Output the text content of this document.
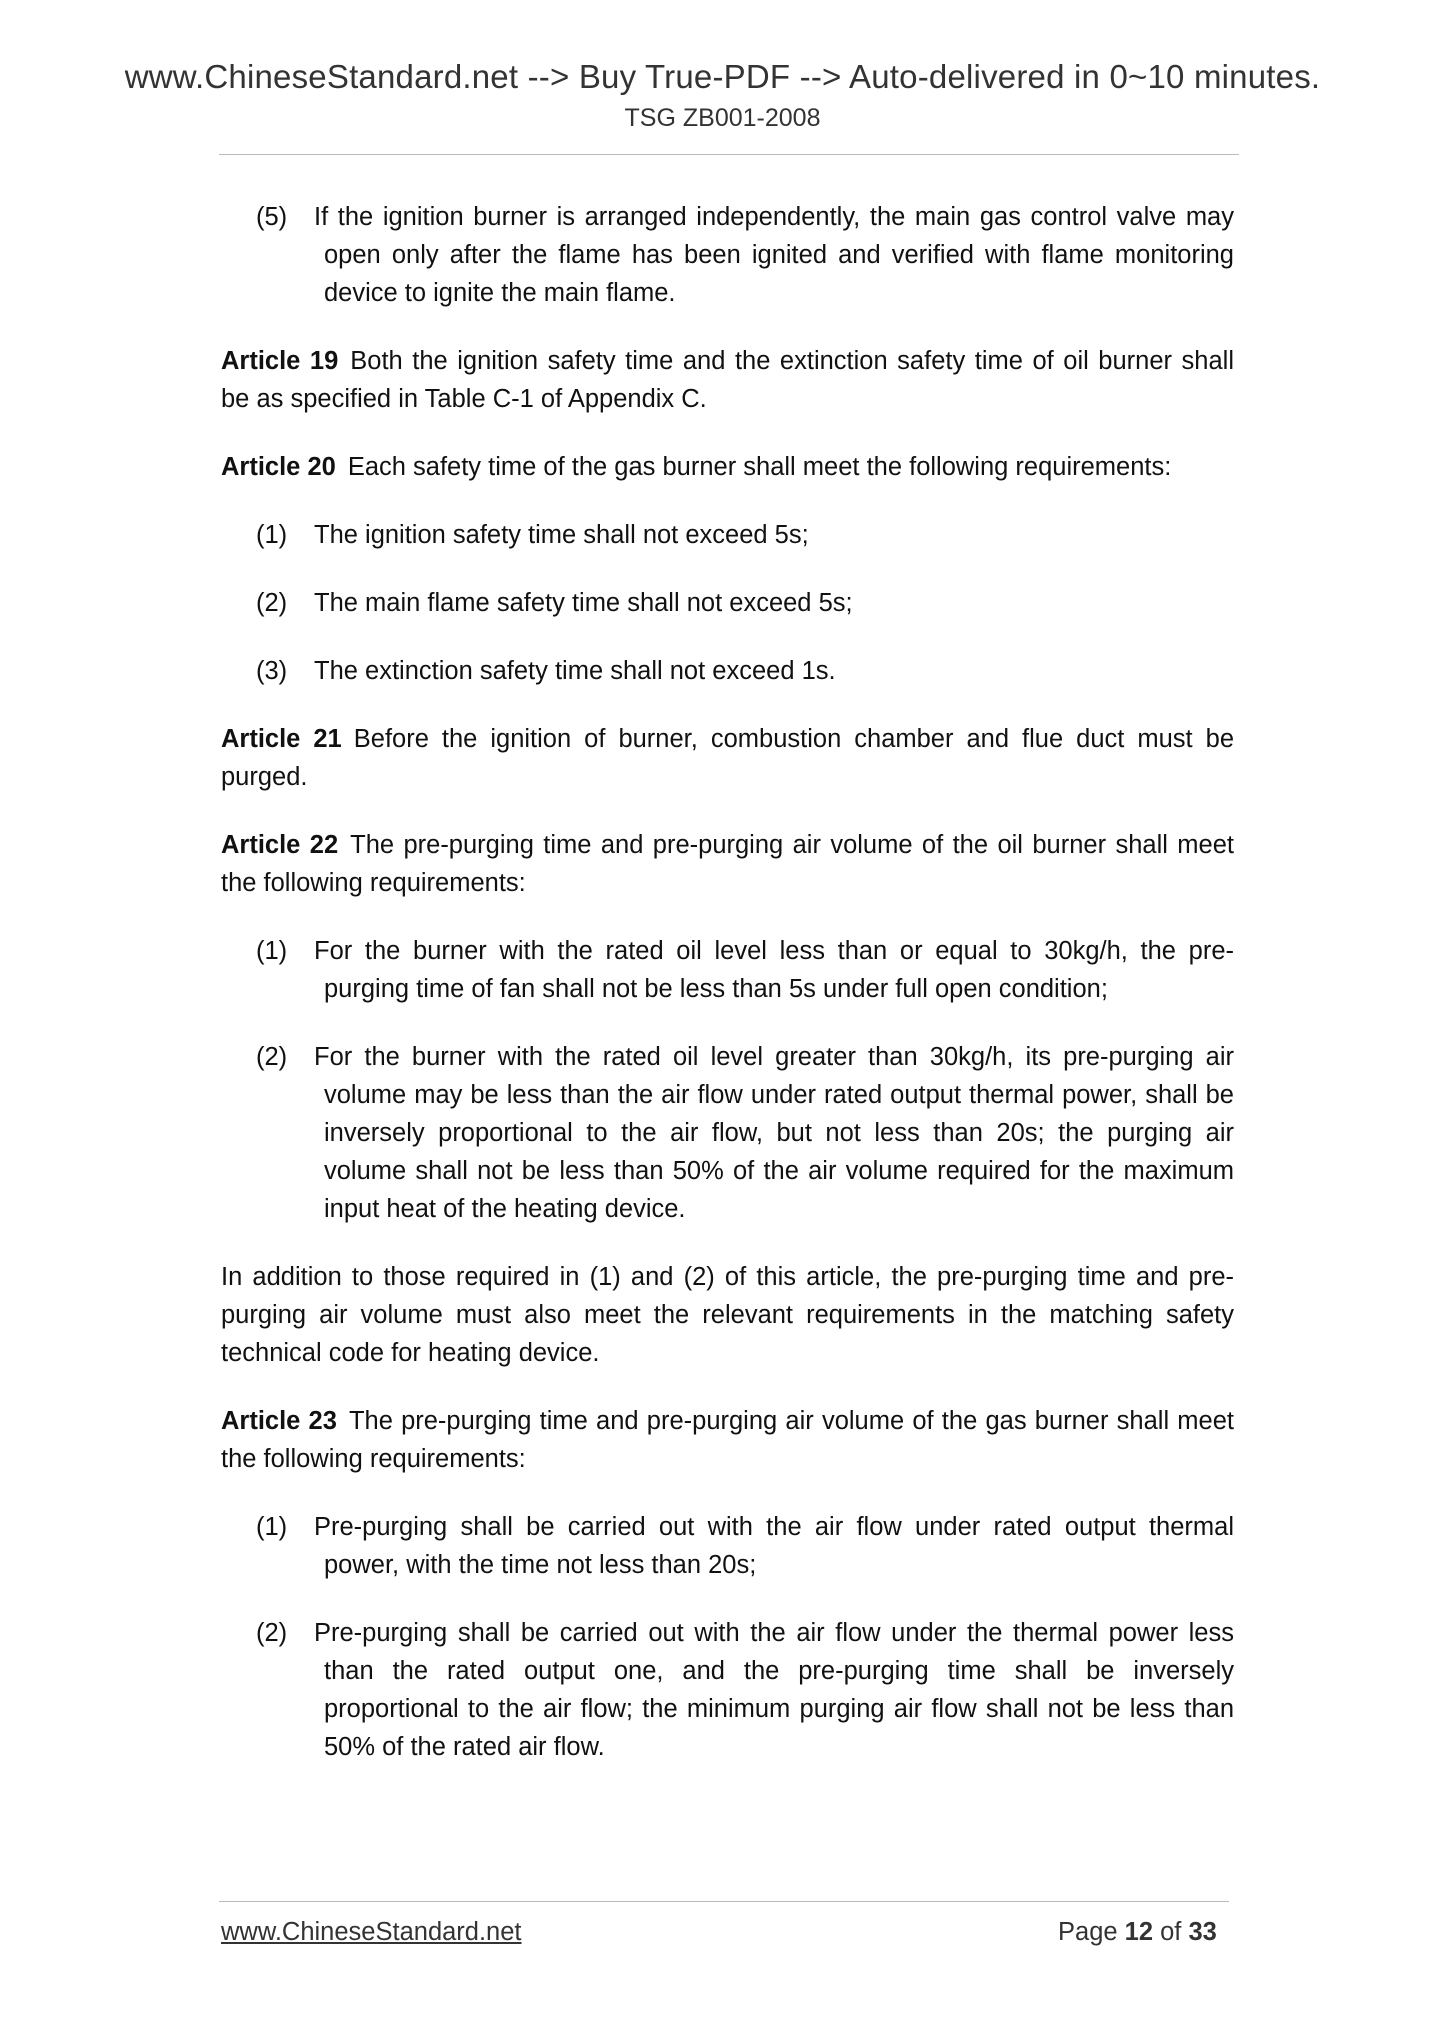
www.ChineseStandard.net --> Buy True-PDF --> Auto-delivered in 0~10 minutes.
TSG ZB001-2008

(5) If the ignition burner is arranged independently, the main gas control valve may open only after the flame has been ignited and verified with flame monitoring device to ignite the main flame.

Article 19 Both the ignition safety time and the extinction safety time of oil burner shall be as specified in Table C-1 of Appendix C.

Article 20 Each safety time of the gas burner shall meet the following requirements:

(1) The ignition safety time shall not exceed 5s;

(2) The main flame safety time shall not exceed 5s;

(3) The extinction safety time shall not exceed 1s.

Article 21 Before the ignition of burner, combustion chamber and flue duct must be purged.

Article 22 The pre-purging time and pre-purging air volume of the oil burner shall meet the following requirements:

(1) For the burner with the rated oil level less than or equal to 30kg/h, the pre-purging time of fan shall not be less than 5s under full open condition;

(2) For the burner with the rated oil level greater than 30kg/h, its pre-purging air volume may be less than the air flow under rated output thermal power, shall be inversely proportional to the air flow, but not less than 20s; the purging air volume shall not be less than 50% of the air volume required for the maximum input heat of the heating device.

In addition to those required in (1) and (2) of this article, the pre-purging time and pre-purging air volume must also meet the relevant requirements in the matching safety technical code for heating device.

Article 23 The pre-purging time and pre-purging air volume of the gas burner shall meet the following requirements:

(1) Pre-purging shall be carried out with the air flow under rated output thermal power, with the time not less than 20s;

(2) Pre-purging shall be carried out with the air flow under the thermal power less than the rated output one, and the pre-purging time shall be inversely proportional to the air flow; the minimum purging air flow shall not be less than 50% of the rated air flow.

www.ChineseStandard.net	Page 12 of 33
